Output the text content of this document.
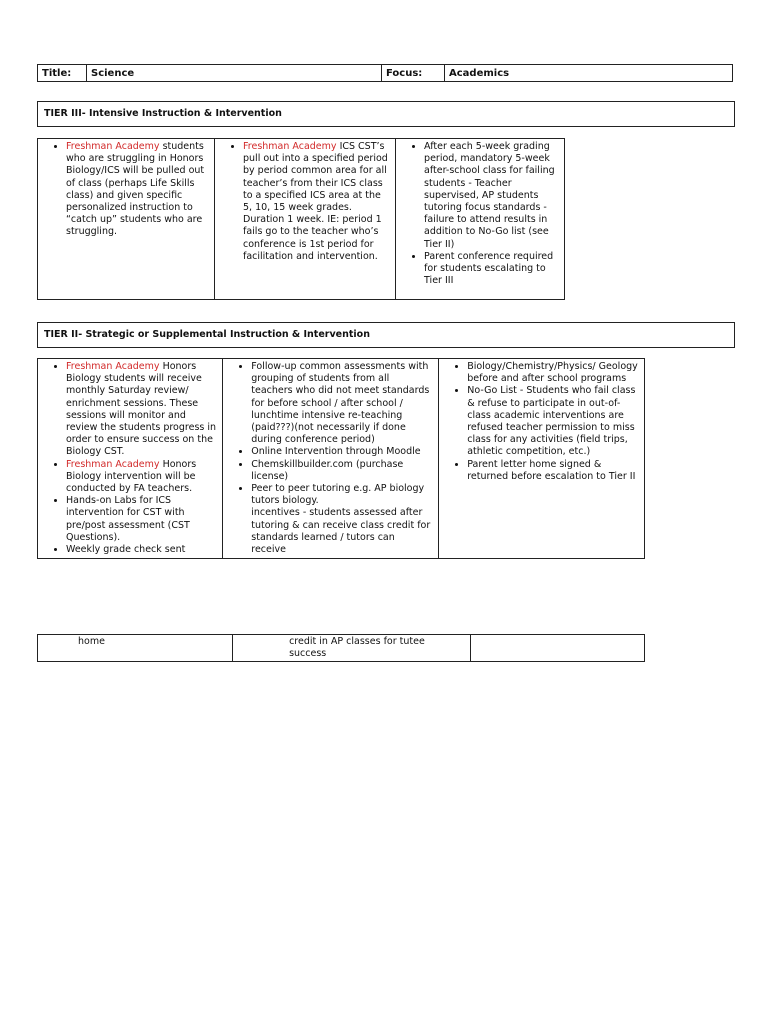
Title:	Science	Focus:	Academics
TIER III- Intensive Instruction & Intervention
• Freshman Academy students who are struggling in Honors Biology/ICS will be pulled out of class (perhaps Life Skills class) and given specific personalized instruction to “catch up” students who are struggling.

• Freshman Academy ICS CST’s pull out into a specified period by period common area for all teacher’s from their ICS class to a specified ICS area at the 5, 10, 15 week grades. Duration 1 week. IE: period 1 fails go to the teacher who’s conference is 1st period for facilitation and intervention.

• After each 5-week grading period, mandatory 5-week after-school class for failing students - Teacher supervised, AP students tutoring focus standards - failure to attend results in addition to No-Go list (see Tier II)
• Parent conference required for students escalating to Tier III
TIER II- Strategic or Supplemental Instruction & Intervention
• Freshman Academy Honors Biology students will receive monthly Saturday review/ enrichment sessions. These sessions will monitor and review the students progress in order to ensure success on the Biology CST.
• Freshman Academy Honors Biology intervention will be conducted by FA teachers.
• Hands-on Labs for ICS intervention for CST with pre/post assessment (CST Questions).
• Weekly grade check sent

• Follow-up common assessments with grouping of students from all teachers who did not meet standards for before school / after school / lunchtime intensive re-teaching (paid???)(not necessarily if done during conference period)
• Online Intervention through Moodle
• Chemskillbuilder.com (purchase license)
• Peer to peer tutoring e.g. AP biology tutors biology.
incentives - students assessed after tutoring & can receive class credit for standards learned / tutors can receive

• Biology/Chemistry/Physics/ Geology before and after school programs
• No-Go List - Students who fail class & refuse to participate in out-of-class academic interventions are refused teacher permission to miss class for any activities (field trips, athletic competition, etc.)
• Parent letter home signed & returned before escalation to Tier II
home	credit in AP classes for tutee success	
